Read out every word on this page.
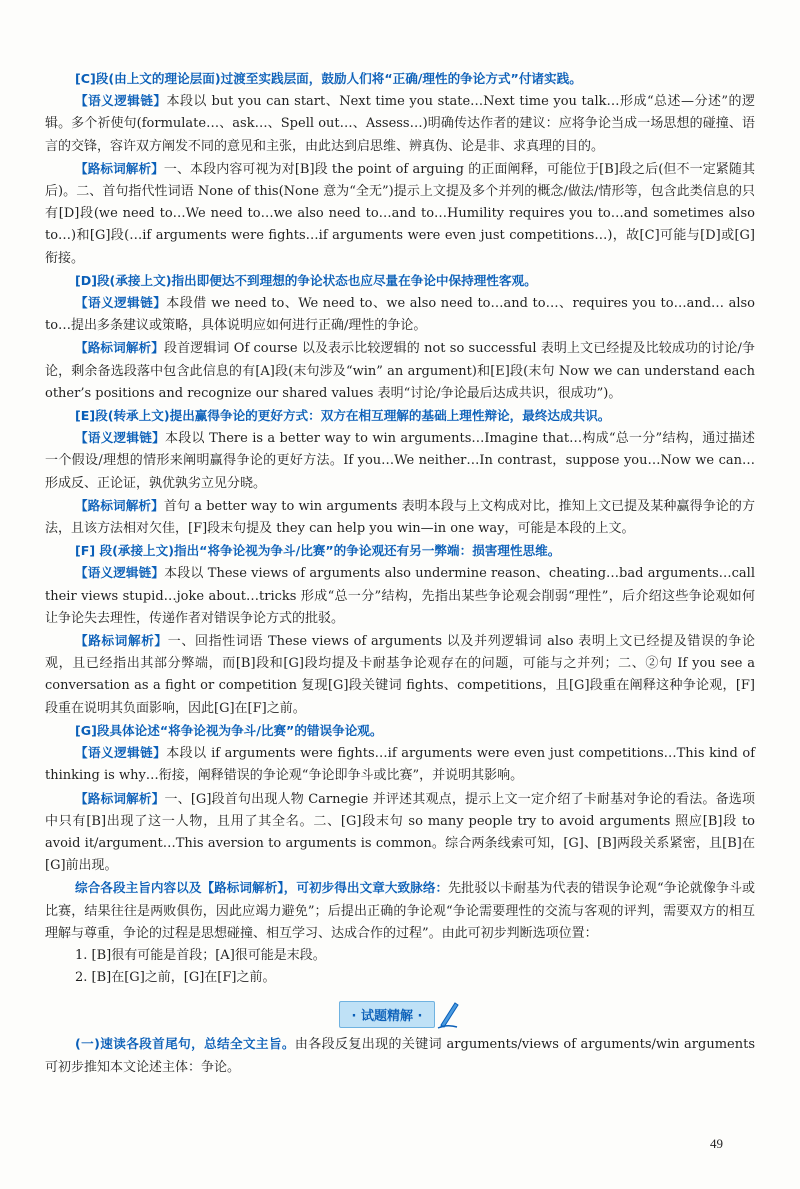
[C]段(由上文的理论层面)过渡至实践层面，鼓励人们将“正确/理性的争论方式”付诸实践。

【语义逻辑链】本段以 but you can start、Next time you state…Next time you talk…形成“总述—分述”的逻辑。多个祈使句(formulate…、ask…、Spell out…、Assess…)明确传达作者的建议：应将争论当成一场思想的碰撞、语言的交锋，容许双方阐发不同的意见和主张，由此达到启思维、辨真伪、论是非、求真理的目的。

【路标词解析】一、本段内容可视为对[B]段 the point of arguing 的正面阐释，可能位于[B]段之后(但不一定紧随其后)。二、首句指代性词语 None of this(None 意为“全无”)提示上文提及多个并列的概念/做法/情形等，包含此类信息的只有[D]段(we need to…We need to…we also need to…and to…Humility requires you to…and sometimes also to…)和[G]段(…if arguments were fights…if arguments were even just competitions…)，故[C]可能与[D]或[G]衔接。

[D]段(承接上文)指出即便达不到理想的争论状态也应尽量在争论中保持理性客观。

【语义逻辑链】本段借 we need to、We need to、we also need to…and to…、requires you to…and… also to…提出多条建议或策略，具体说明应如何进行正确/理性的争论。

【路标词解析】段首逻辑词 Of course 以及表示比较逻辑的 not so successful 表明上文已经提及比较成功的讨论/争论，剩余备选段落中包含此信息的有[A]段(末句涉及“win” an argument)和[E]段(末句 Now we can understand each other’s positions and recognize our shared values 表明“讨论/争论最后达成共识，很成功”)。

[E]段(转承上文)提出赢得争论的更好方式：双方在相互理解的基础上理性辩论，最终达成共识。

【语义逻辑链】本段以 There is a better way to win arguments…Imagine that…构成“总一分”结构，通过描述一个假设/理想的情形来阐明赢得争论的更好方法。If you…We neither…In contrast，suppose you…Now we can…形成反、正论证，孰优孰劣立见分晓。

【路标词解析】首句 a better way to win arguments 表明本段与上文构成对比，推知上文已提及某种赢得争论的方法，且该方法相对欠佳，[F]段末句提及 they can help you win—in one way，可能是本段的上文。

[F] 段(承接上文)指出“将争论视为争斗/比赛”的争论观还有另一弊端：损害理性思维。

【语义逻辑链】本段以 These views of arguments also undermine reason、cheating…bad arguments…call their views stupid…joke about…tricks 形成“总一分”结构，先指出某些争论观会削弱“理性”，后介绍这些争论观如何让争论失去理性，传递作者对错误争论方式的批驳。

【路标词解析】一、回指性词语 These views of arguments 以及并列逻辑词 also 表明上文已经提及错误的争论观，且已经指出其部分弊端，而[B]段和[G]段均提及卡耐基争论观存在的问题，可能与之并列；二、②句 If you see a conversation as a fight or competition 复现[G]段关键词 fights、competitions，且[G]段重在阐释这种争论观，[F]段重在说明其负面影响，因此[G]在[F]之前。

[G]段具体论述“将争论视为争斗/比赛”的错误争论观。

【语义逻辑链】本段以 if arguments were fights…if arguments were even just competitions…This kind of thinking is why…衔接，阐释错误的争论观“争论即争斗或比赛”，并说明其影响。

【路标词解析】一、[G]段首句出现人物 Carnegie 并评述其观点，提示上文一定介绍了卡耐基对争论的看法。备选项中只有[B]出现了这一人物，且用了其全名。二、[G]段末句 so many people try to avoid arguments 照应[B]段 to avoid it/argument…This aversion to arguments is common。综合两条线索可知，[G]、[B]两段关系紧密，且[B]在[G]前出现。

综合各段主旨内容以及【路标词解析】，可初步得出文章大致脉络：先批驳以卡耐基为代表的错误争论观“争论就像争斗或比赛，结果往往是两败俱伤，因此应竭力避免”；后提出正确的争论观“争论需要理性的交流与客观的评判，需要双方的相互理解与尊重，争论的过程是思想碰撞、相互学习、达成合作的过程”。由此可初步判断选项位置：

1. [B]很有可能是首段；[A]很可能是末段。

2. [B]在[G]之前，[G]在[F]之前。

· 试题精解 ·

(一)速读各段首尾句，总结全文主旨。由各段反复出现的关键词 arguments/views of arguments/win arguments 可初步推知本文论述主体：争论。

49
